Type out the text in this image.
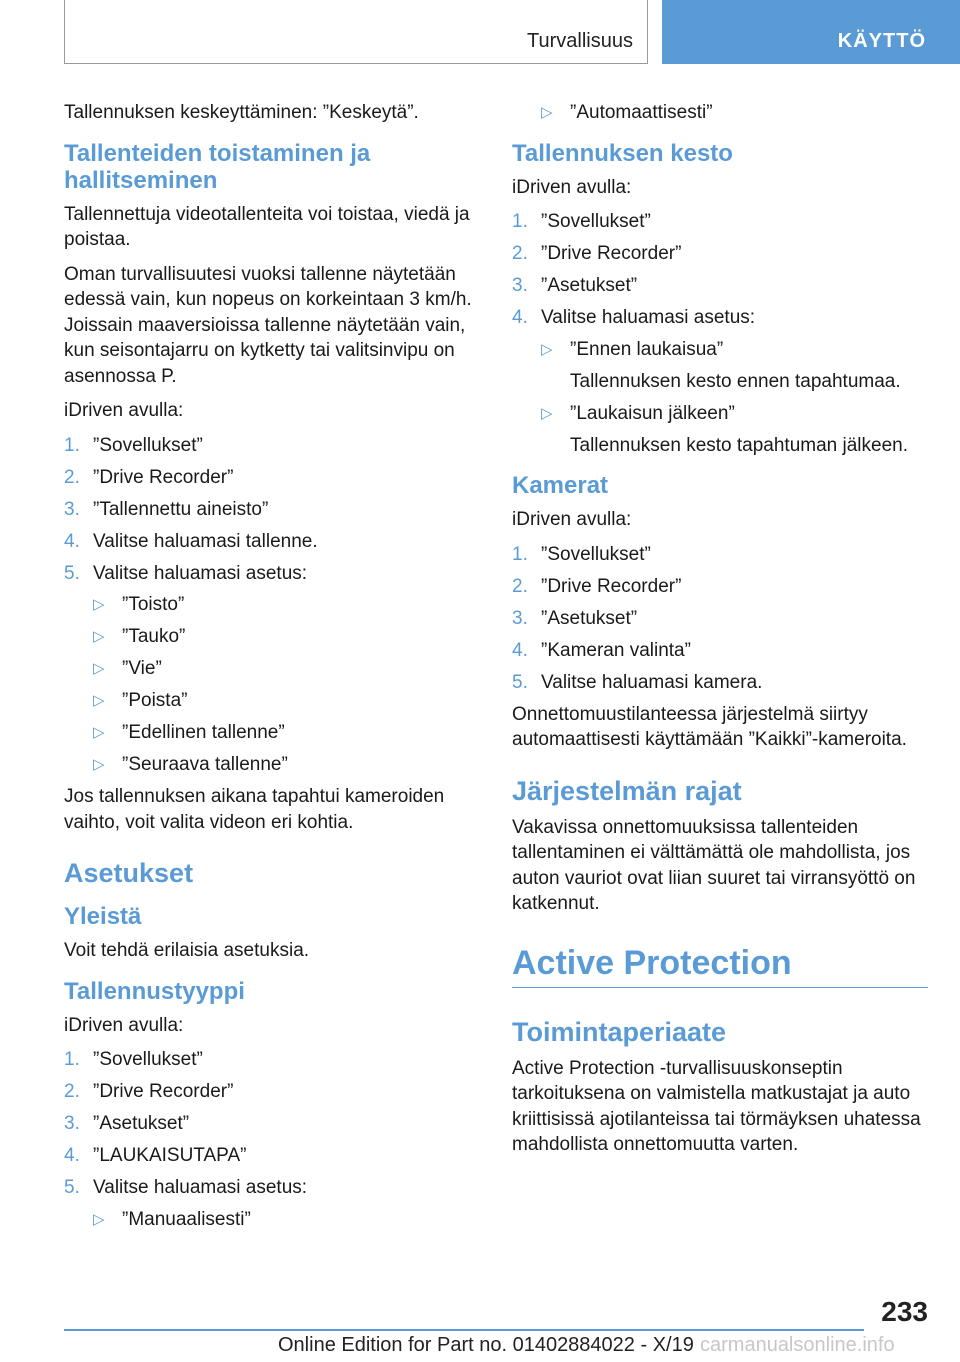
Turvallisuus	KÄYTTÖ

Tallennuksen keskeyttäminen: ”Keskeytä”.

Tallenteiden toistaminen ja hallitseminen

Tallennettuja videotallenteita voi toistaa, viedä ja poistaa.

Oman turvallisuutesi vuoksi tallenne näytetään edessä vain, kun nopeus on korkeintaan 3 km/h. Joissain maaversioissa tallenne näytetään vain, kun seisontajarru on kytketty tai valitsinvipu on asennossa P.

iDriven avulla:

1. ”Sovellukset”
2. ”Drive Recorder”
3. ”Tallennettu aineisto”
4. Valitse haluamasi tallenne.
5. Valitse haluamasi asetus:
▷ ”Toisto”
▷ ”Tauko”
▷ ”Vie”
▷ ”Poista”
▷ ”Edellinen tallenne”
▷ ”Seuraava tallenne”

Jos tallennuksen aikana tapahtui kameroiden vaihto, voit valita videon eri kohtia.

Asetukset
Yleistä

Voit tehdä erilaisia asetuksia.

Tallennustyyppi

iDriven avulla:

1. ”Sovellukset”
2. ”Drive Recorder”
3. ”Asetukset”
4. ”LAUKAISUTAPA”
5. Valitse haluamasi asetus:
▷ ”Manuaalisesti”
▷ ”Automaattisesti”
Tallennuksen kesto

iDriven avulla:

1. ”Sovellukset”
2. ”Drive Recorder”
3. ”Asetukset”
4. Valitse haluamasi asetus:
▷ ”Ennen laukaisua”
Tallennuksen kesto ennen tapahtumaa.
▷ ”Laukaisun jälkeen”
Tallennuksen kesto tapahtuman jälkeen.
Kamerat

iDriven avulla:

1. ”Sovellukset”
2. ”Drive Recorder”
3. ”Asetukset”
4. ”Kameran valinta”
5. Valitse haluamasi kamera.

Onnettomuustilanteessa järjestelmä siirtyy automaattisesti käyttämään ”Kaikki”-kameroita.

Järjestelmän rajat

Vakavissa onnettomuuksissa tallenteiden tallentaminen ei välttämättä ole mahdollista, jos auton vauriot ovat liian suuret tai virransyöttö on katkennut.

Active Protection
Toimintaperiaate

Active Protection -turvallisuuskonseptin tarkoituksena on valmistella matkustajat ja auto kriittisissä ajotilanteissa tai törmäyksen uhatessa mahdollista onnettomuutta varten.

233
Online Edition for Part no. 01402884022 - X/19 carmanualsonline.info
